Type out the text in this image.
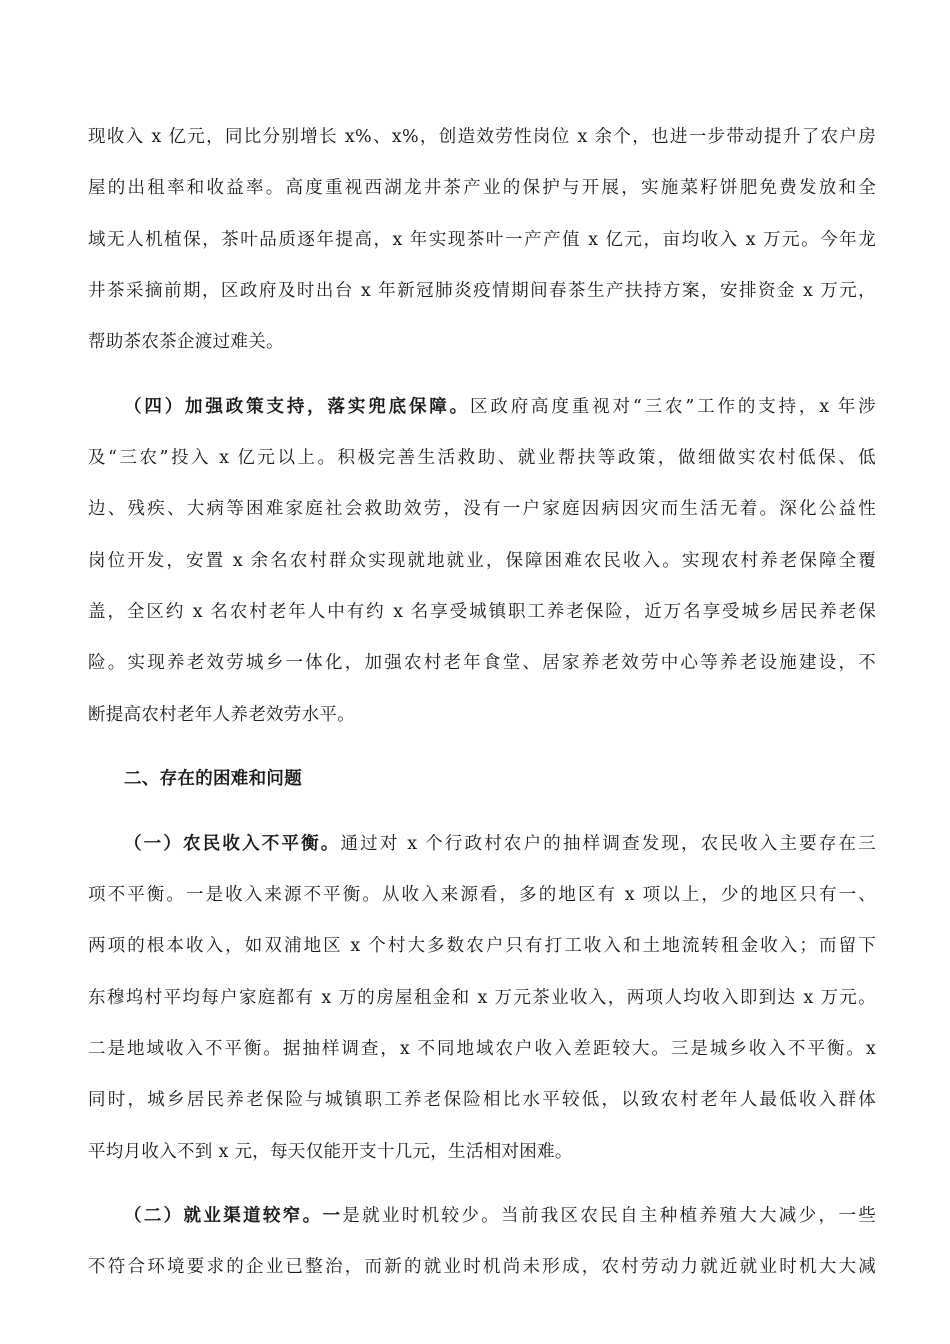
现收入 x 亿元，同比分别增长 x%、x%，创造效劳性岗位 x 余个，也进一步带动提升了农户房
屋的出租率和收益率。高度重视西湖龙井茶产业的保护与开展，实施菜籽饼肥免费发放和全
域无人机植保，茶叶品质逐年提高，x 年实现茶叶一产产值 x 亿元，亩均收入 x 万元。今年龙
井茶采摘前期，区政府及时出台 x 年新冠肺炎疫情期间春茶生产扶持方案，安排资金 x 万元，
帮助茶农茶企渡过难关。
（四）加强政策支持，落实兜底保障。区政府高度重视对“三农”工作的支持，x 年涉
及“三农”投入 x 亿元以上。积极完善生活救助、就业帮扶等政策，做细做实农村低保、低
边、残疾、大病等困难家庭社会救助效劳，没有一户家庭因病因灾而生活无着。深化公益性
岗位开发，安置 x 余名农村群众实现就地就业，保障困难农民收入。实现农村养老保障全覆
盖，全区约 x 名农村老年人中有约 x 名享受城镇职工养老保险，近万名享受城乡居民养老保
险。实现养老效劳城乡一体化，加强农村老年食堂、居家养老效劳中心等养老设施建设，不
断提高农村老年人养老效劳水平。
二、存在的困难和问题
（一）农民收入不平衡。通过对 x 个行政村农户的抽样调查发现，农民收入主要存在三
项不平衡。一是收入来源不平衡。从收入来源看，多的地区有 x 项以上，少的地区只有一、
两项的根本收入，如双浦地区 x 个村大多数农户只有打工收入和土地流转租金收入；而留下
东穆坞村平均每户家庭都有 x 万的房屋租金和 x 万元茶业收入，两项人均收入即到达 x 万元。
二是地域收入不平衡。据抽样调查，x 不同地域农户收入差距较大。三是城乡收入不平衡。x
同时，城乡居民养老保险与城镇职工养老保险相比水平较低，以致农村老年人最低收入群体
平均月收入不到 x 元，每天仅能开支十几元，生活相对困难。
（二）就业渠道较窄。一是就业时机较少。当前我区农民自主种植养殖大大减少，一些
不符合环境要求的企业已整治，而新的就业时机尚未形成，农村劳动力就近就业时机大大减
